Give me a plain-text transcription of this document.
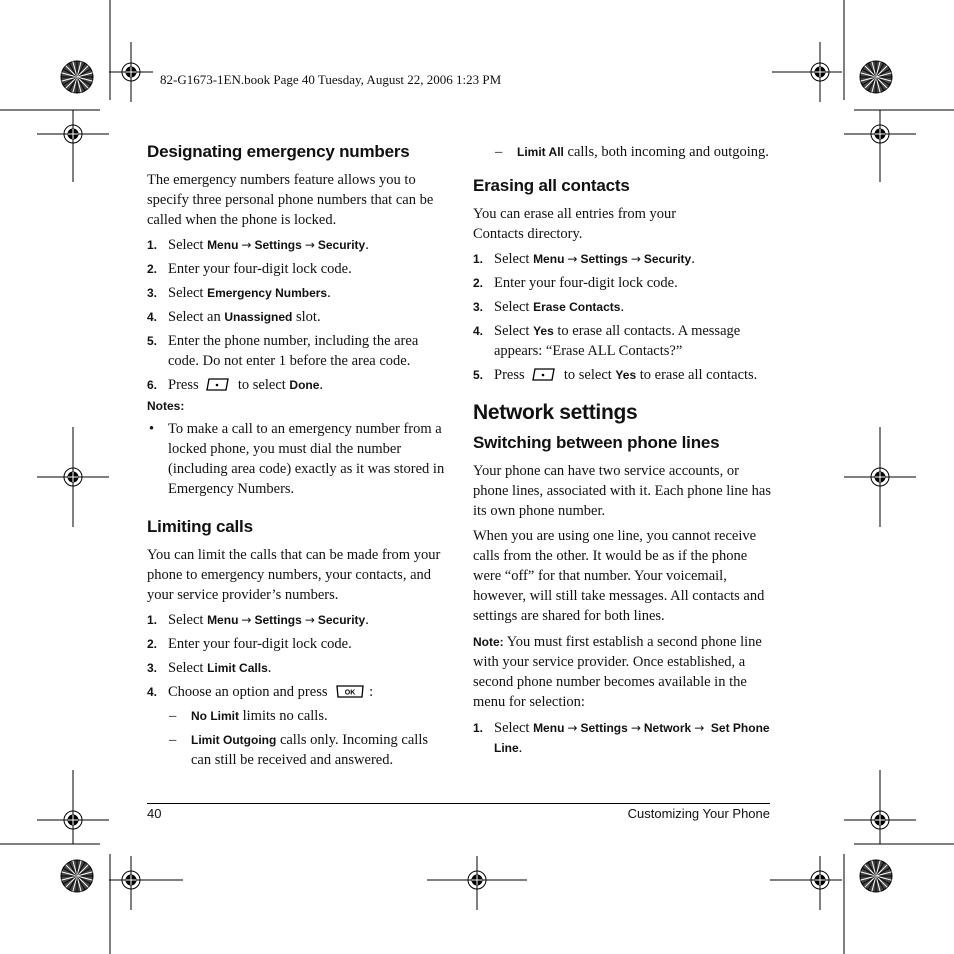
82-G1673-1EN.book Page 40 Tuesday, August 22, 2006 1:23 PM
Designating emergency numbers

The emergency numbers feature allows you to specify three personal phone numbers that can be called when the phone is locked.

1. Select Menu → Settings → Security.
2. Enter your four-digit lock code.
3. Select Emergency Numbers.
4. Select an Unassigned slot.
5. Enter the phone number, including the area code. Do not enter 1 before the area code.
6. Press	to select Done.
Notes:
• To make a call to an emergency number from a locked phone, you must dial the number (including area code) exactly as it was stored in Emergency Numbers.
Limiting calls

You can limit the calls that can be made from your phone to emergency numbers, your contacts, and your service provider’s numbers.

1. Select Menu → Settings → Security.
2. Enter your four-digit lock code.
3. Select Limit Calls.
4. Choose an option and press OK :
– No Limit limits no calls.
– Limit Outgoing calls only. Incoming calls can still be received and answered.
– Limit All calls, both incoming and outgoing.
Erasing all contacts

You can erase all entries from your Contacts directory.

1. Select Menu → Settings → Security.
2. Enter your four-digit lock code.
3. Select Erase Contacts.
4. Select Yes to erase all contacts. A message appears: “Erase ALL Contacts?”
5. Press	to select Yes to erase all contacts.
Network settings
Switching between phone lines

Your phone can have two service accounts, or phone lines, associated with it. Each phone line has its own phone number.

When you are using one line, you cannot receive calls from the other. It would be as if the phone were “off” for that number. Your voicemail, however, will still take messages. All contacts and settings are shared for both lines.

Note: You must first establish a second phone line with your service provider. Once established, a second phone number becomes available in the menu for selection:

1. Select Menu → Settings → Network → Set Phone Line.
40	Customizing Your Phone
